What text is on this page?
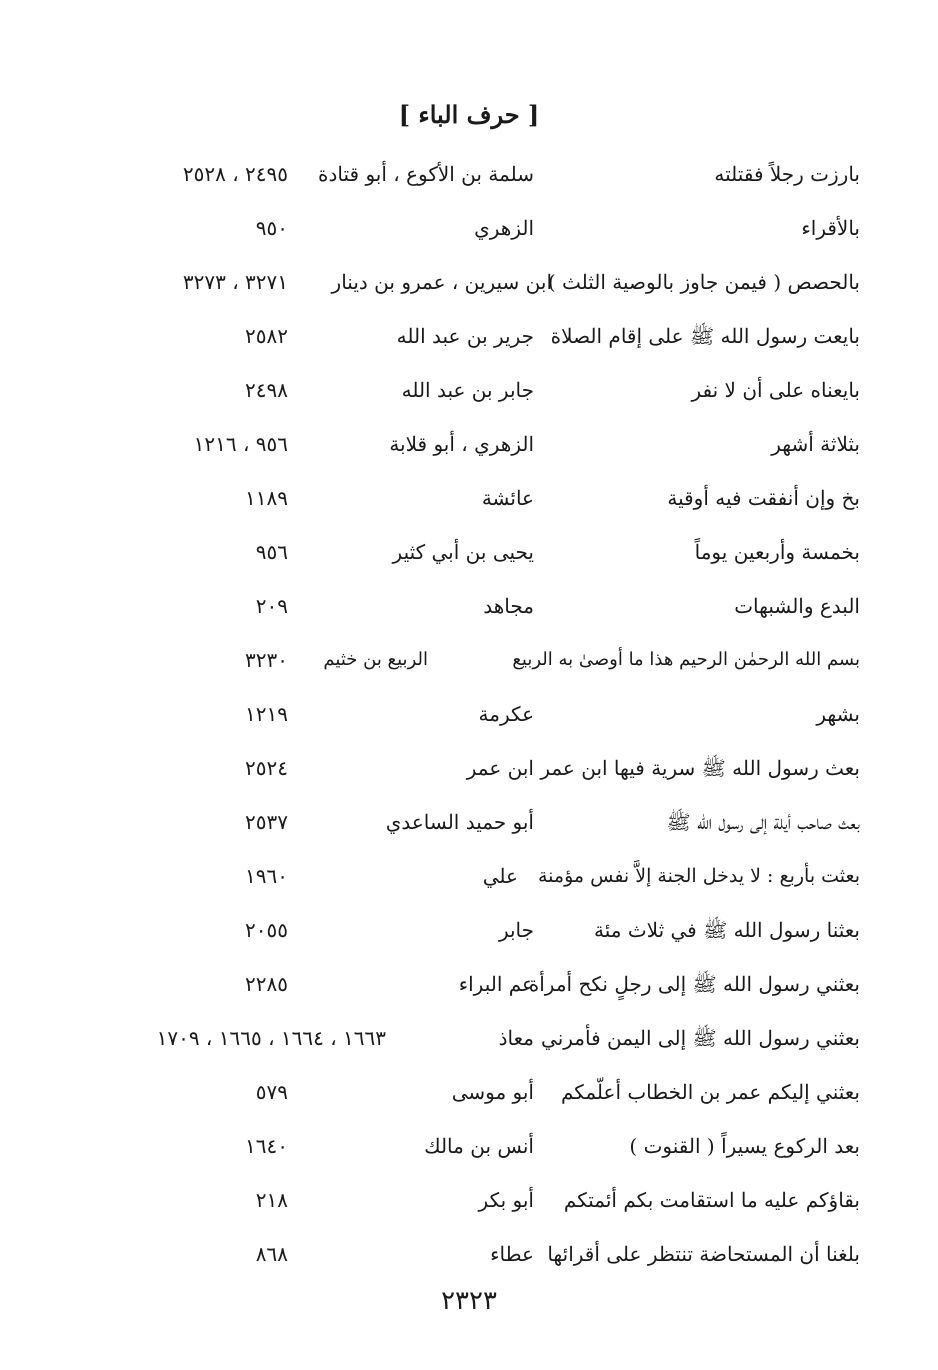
[ حرف الباء ]
بارزت رجلاً فقتلته
سلمة بن الأكوع ، أبو قتادة
٢٤٩٥ ، ٢٥٢٨
بالأقراء
الزهري
٩٥٠
بالحصص ( فيمن جاوز بالوصية الثلث )
ابن سيرين ، عمرو بن دينار
٣٢٧١ ، ٣٢٧٣
بايعت رسول الله ﷺ على إقام الصلاة
جرير بن عبد الله
٢٥٨٢
بايعناه على أن لا نفر
جابر بن عبد الله
٢٤٩٨
بثلاثة أشهر
الزهري ، أبو قلابة
٩٥٦ ، ١٢١٦
بخ وإن أنفقت فيه أوقية
عائشة
١١٨٩
بخمسة وأربعين يوماً
يحيى بن أبي كثير
٩٥٦
البدع والشبهات
مجاهد
٢٠٩
بسم الله الرحمٰن الرحيم هذا ما أوصىٰ به الربيع
الربيع بن خثيم
٣٢٣٠
بشهر
عكرمة
١٢١٩
بعث رسول الله ﷺ سرية فيها ابن عمر
ابن عمر
٢٥٢٤
بعث صاحب أيلة إلى رسول الله ﷺ
أبو حميد الساعدي
٢٥٣٧
بعثت بأربع : لا يدخل الجنة إلاَّ نفس مؤمنة
علي
١٩٦٠
بعثنا رسول الله ﷺ في ثلاث مئة
جابر
٢٠٥٥
بعثني رسول الله ﷺ إلى رجلٍ نكح أمرأة
عم البراء
٢٢٨٥
بعثني رسول الله ﷺ إلى اليمن فأمرني
معاذ
١٦٦٣ ، ١٦٦٤ ، ١٦٦٥ ، ١٧٠٩
بعثني إليكم عمر بن الخطاب أعلّمكم
أبو موسى
٥٧٩
بعد الركوع يسيراً ( القنوت )
أنس بن مالك
١٦٤٠
بقاؤكم عليه ما استقامت بكم أئمتكم
أبو بكر
٢١٨
بلغنا أن المستحاضة تنتظر على أقرائها
عطاء
٨٦٨
٢٣٢٣
